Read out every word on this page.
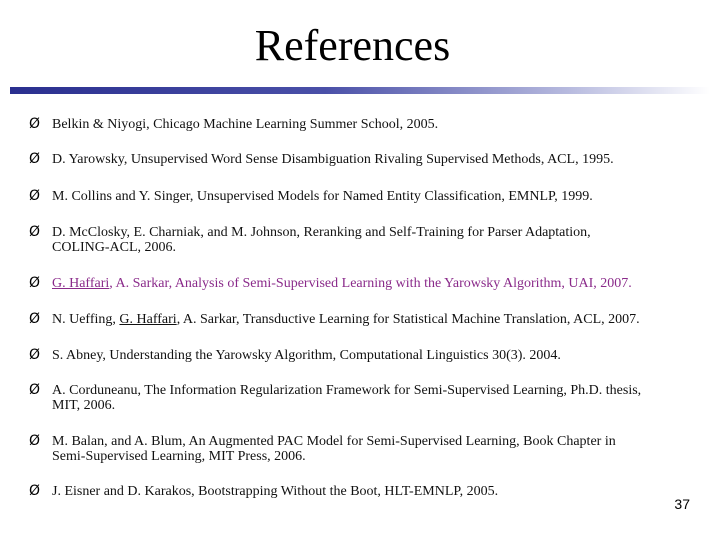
References
Ø Belkin & Niyogi, Chicago Machine Learning Summer School, 2005.
Ø D. Yarowsky, Unsupervised Word Sense Disambiguation Rivaling Supervised Methods, ACL, 1995.
Ø M. Collins and Y. Singer, Unsupervised Models for Named Entity Classification, EMNLP, 1999.
Ø D. McClosky, E. Charniak, and M. Johnson, Reranking and Self-Training for Parser Adaptation,
COLING-ACL, 2006.
Ø G. Haffari, A. Sarkar, Analysis of Semi-Supervised Learning with the Yarowsky Algorithm, UAI, 2007.
Ø N. Ueffing, G. Haffari, A. Sarkar, Transductive Learning for Statistical Machine Translation, ACL, 2007.
Ø S. Abney, Understanding the Yarowsky Algorithm, Computational Linguistics 30(3). 2004.
Ø A. Corduneanu, The Information Regularization Framework for Semi-Supervised Learning, Ph.D. thesis,
MIT, 2006.
Ø M. Balan, and A. Blum, An Augmented PAC Model for Semi-Supervised Learning, Book Chapter in
Semi-Supervised Learning, MIT Press, 2006.
Ø J. Eisner and D. Karakos, Bootstrapping Without the Boot, HLT-EMNLP, 2005.
37
